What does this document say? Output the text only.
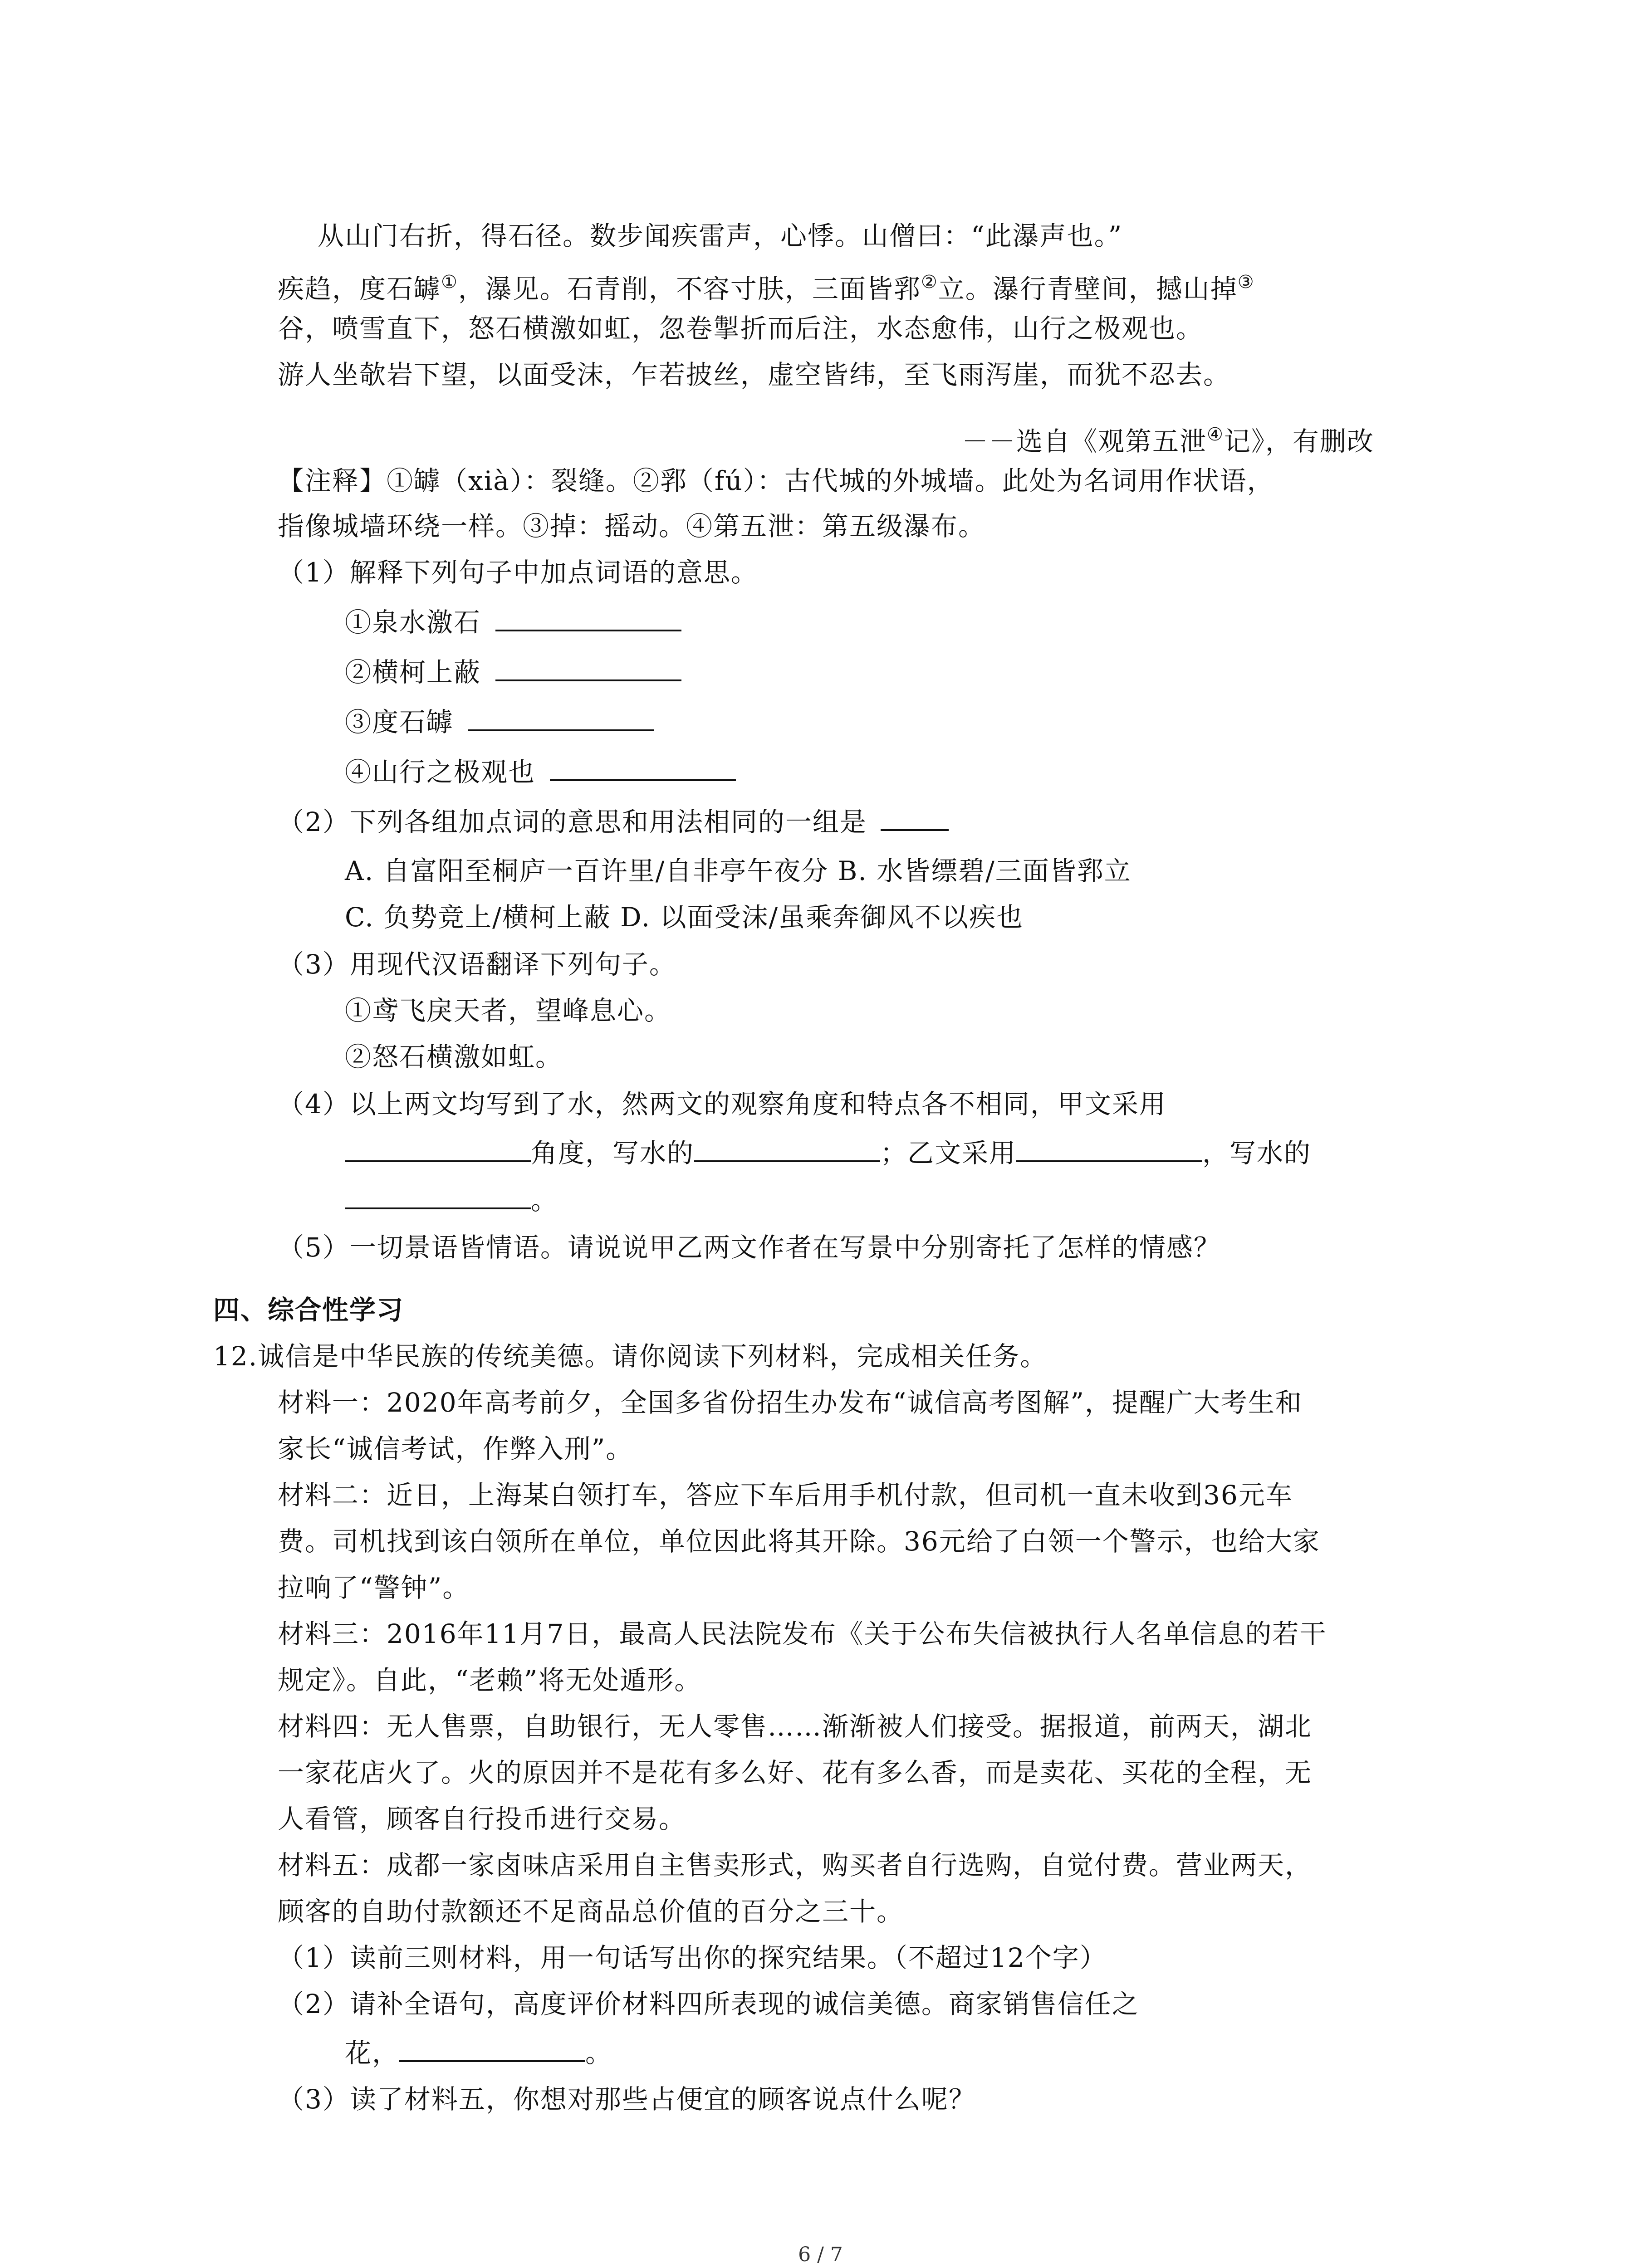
从山门右折，得石径。数步闻疾雷声，心悸。山僧曰：“此瀑声也。”
疾趋，度石罅①，瀑见。石青削，不容寸肤，三面皆郛②立。瀑行青壁间，撼山掉③
谷，喷雪直下，怒石横激如虹，忽卷掣折而后注，水态愈伟，山行之极观也。
游人坐欹岩下望，以面受沫，乍若披丝，虚空皆纬，至飞雨泻崖，而犹不忍去。
－－选自《观第五泄④记》，有删改
【注释】①罅（xià）：裂缝。②郛（fú）：古代城的外城墙。此处为名词用作状语，
指像城墙环绕一样。③掉：摇动。④第五泄：第五级瀑布。
（1）解释下列句子中加点词语的意思。
①泉水激石
②横柯上蔽
③度石罅
④山行之极观也
（2）下列各组加点词的意思和用法相同的一组是
A. 自富阳至桐庐一百许里/自非亭午夜分 B. 水皆缥碧/三面皆郛立
C. 负势竞上/横柯上蔽 D. 以面受沫/虽乘奔御风不以疾也
（3）用现代汉语翻译下列句子。
①鸢飞戾天者，望峰息心。
②怒石横激如虹。
（4）以上两文均写到了水，然两文的观察角度和特点各不相同，甲文采用
角度，写水的	；乙文采用	，写水的
。
（5）一切景语皆情语。请说说甲乙两文作者在写景中分别寄托了怎样的情感？
四、综合性学习
12.诚信是中华民族的传统美德。请你阅读下列材料，完成相关任务。
材料一：2020年高考前夕，全国多省份招生办发布“诚信高考图解”，提醒广大考生和
家长“诚信考试，作弊入刑”。
材料二：近日，上海某白领打车，答应下车后用手机付款，但司机一直未收到36元车
费。司机找到该白领所在单位，单位因此将其开除。36元给了白领一个警示，也给大家
拉响了“警钟”。
材料三：2016年11月7日，最高人民法院发布《关于公布失信被执行人名单信息的若干
规定》。自此，“老赖”将无处遁形。
材料四：无人售票，自助银行，无人零售……渐渐被人们接受。据报道，前两天，湖北
一家花店火了。火的原因并不是花有多么好、花有多么香，而是卖花、买花的全程，无
人看管，顾客自行投币进行交易。
材料五：成都一家卤味店采用自主售卖形式，购买者自行选购，自觉付费。营业两天，
顾客的自助付款额还不足商品总价值的百分之三十。
（1）读前三则材料，用一句话写出你的探究结果。（不超过12个字）
（2）请补全语句，高度评价材料四所表现的诚信美德。商家销售信任之
花，	。
（3）读了材料五，你想对那些占便宜的顾客说点什么呢？
6 / 7
